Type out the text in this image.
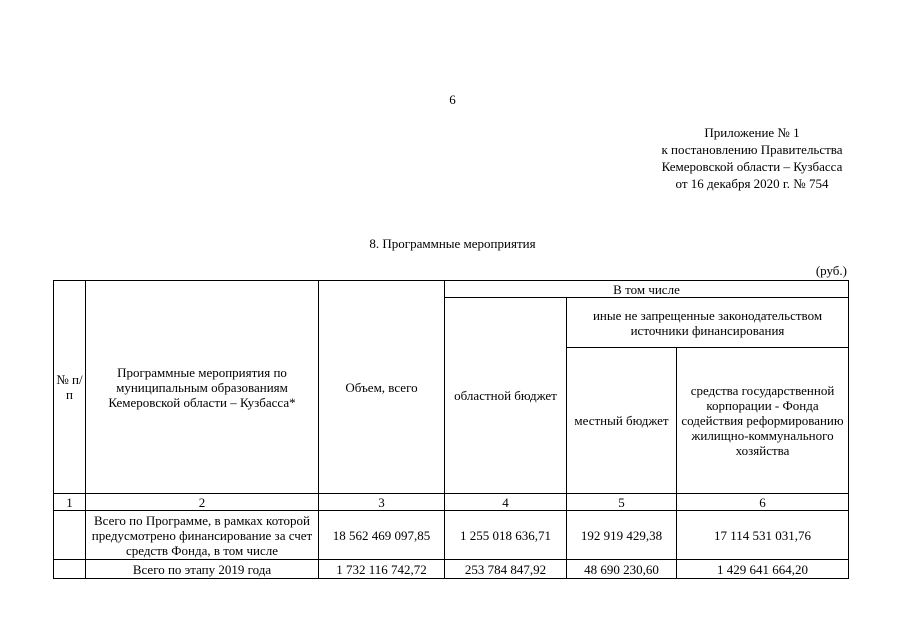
6
Приложение № 1
к постановлению Правительства
Кемеровской области – Кузбасса
от 16 декабря 2020 г. № 754
8. Программные мероприятия
(руб.)
№ п/п	Программные мероприятия по муниципальным образованиям Кемеровской области – Кузбасса*	Объем, всего	В том числе		
			областной бюджет	иные не запрещенные законодательством источники финансирования	
				местный бюджет	средства государственной корпорации - Фонда содействия реформированию жилищно-коммунального хозяйства
1	2	3	4	5	6
	Всего по Программе, в рамках которой предусмотрено финансирование за счет средств Фонда, в том числе	18 562 469 097,85	1 255 018 636,71	192 919 429,38	17 114 531 031,76
	Всего по этапу 2019 года	1 732 116 742,72	253 784 847,92	48 690 230,60	1 429 641 664,20
